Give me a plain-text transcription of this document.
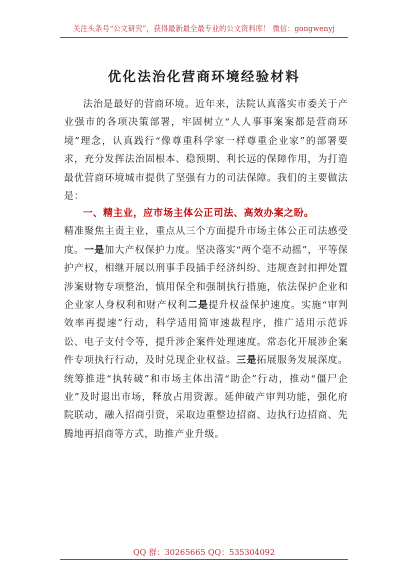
关注头条号“公文研究”，获得最新最全最专业的公文资料库！ 微信：gongwenyj
优化法治化营商环境经验材料
法治是最好的营商环境。近年来，法院认真落实市委关于产业强市的各项决策部署，牢固树立“人人事事案案都是营商环境”理念，认真践行“像尊重科学家一样尊重企业家”的部署要求，充分发挥法治固根本、稳预期、利长远的保障作用，为打造最优营商环境城市提供了坚强有力的司法保障。我们的主要做法是：
一、精主业，应市场主体公正司法、高效办案之盼。
精准聚焦主责主业，重点从三个方面提升市场主体公正司法感受度。一是加大产权保护力度。坚决落实“两个毫不动摇”，平等保护产权，相继开展以刑事手段插手经济纠纷、违规查封扣押处置涉案财物专项整治，慎用保全和强制执行措施，依法保护企业和企业家人身权利和财产权利二是提升权益保护速度。实施“审判效率再提速”行动，科学适用简审速裁程序，推广适用示范诉讼、电子支付令等，提升涉企案件处理速度。常态化开展涉企案件专项执行行动，及时兑现企业权益。三是拓展服务发展深度。统筹推进“执转破”和市场主体出清“助企”行动，推动“僵尸企业”及时退出市场，释放占用资源。延伸破产审判功能，强化府院联动，融入招商引资，采取边重整边招商、边执行边招商、先腾地再招商等方式，助推产业升级。
QQ 群：30265665 QQ：535304092
